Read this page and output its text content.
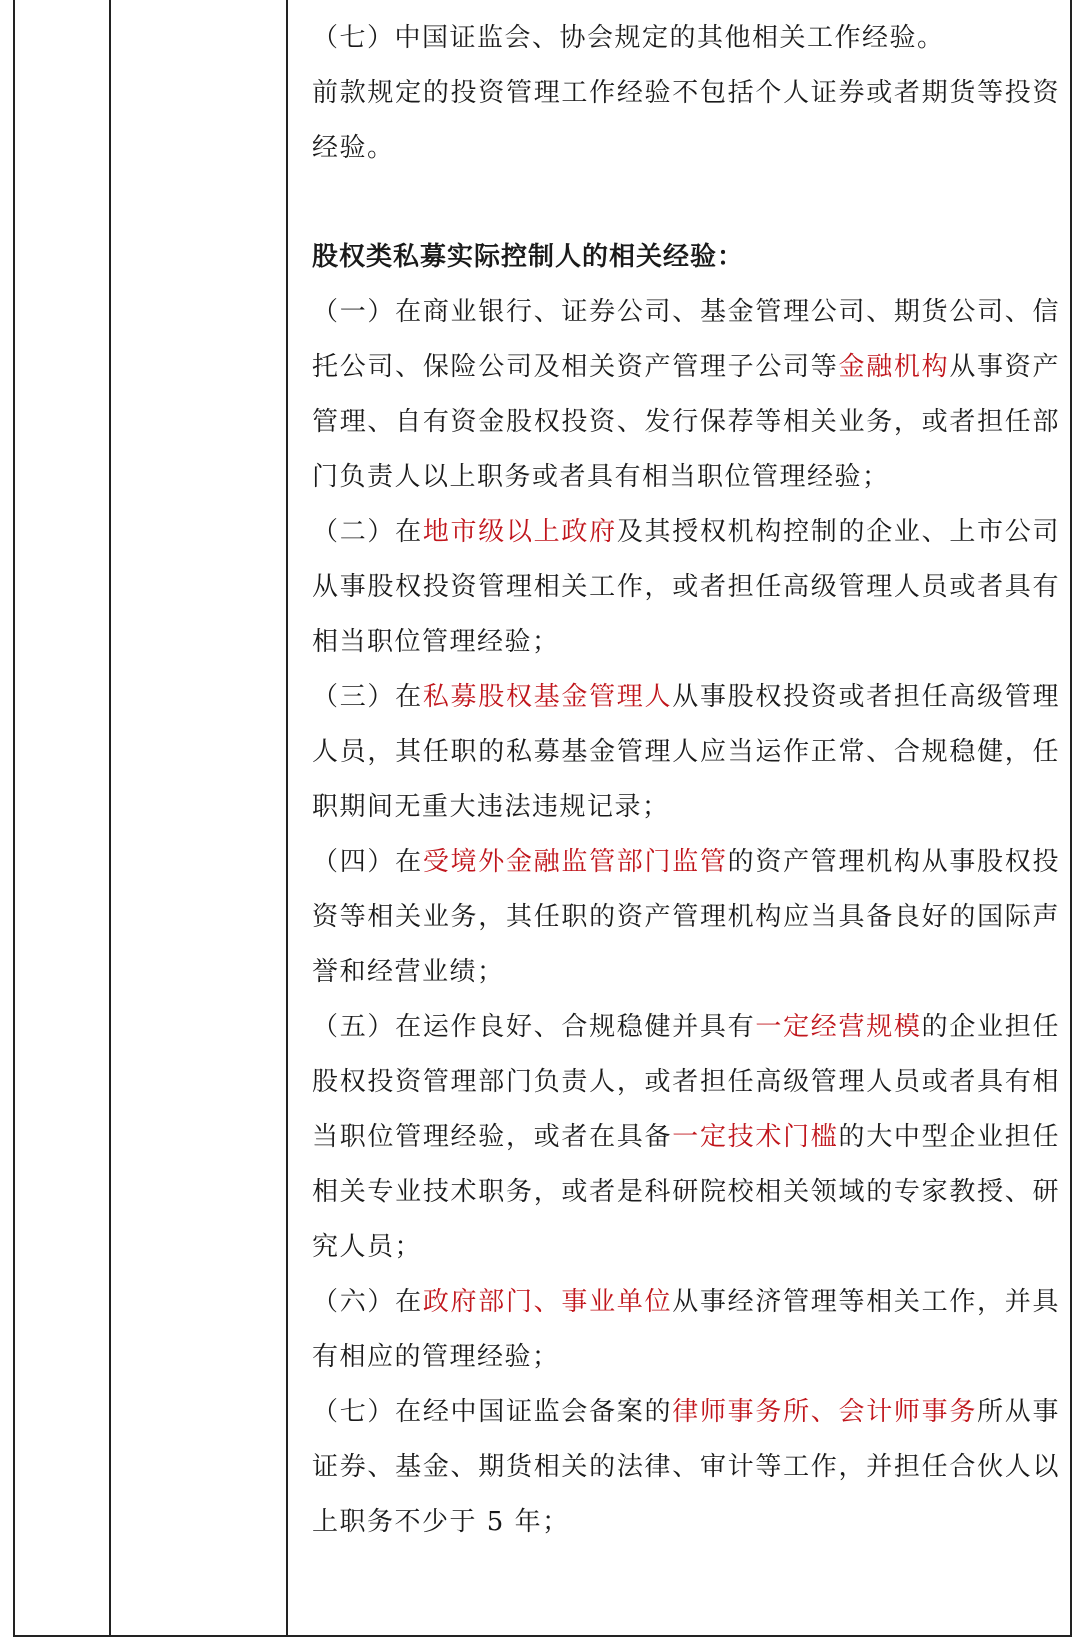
（七）中国证监会、协会规定的其他相关工作经验。

前款规定的投资管理工作经验不包括个人证券或者期货等投资经验。

股权类私募实际控制人的相关经验：

（一）在商业银行、证券公司、基金管理公司、期货公司、信托公司、保险公司及相关资产管理子公司等金融机构从事资产管理、自有资金股权投资、发行保荐等相关业务，或者担任部门负责人以上职务或者具有相当职位管理经验；

（二）在地市级以上政府及其授权机构控制的企业、上市公司从事股权投资管理相关工作，或者担任高级管理人员或者具有相当职位管理经验；

（三）在私募股权基金管理人从事股权投资或者担任高级管理人员，其任职的私募基金管理人应当运作正常、合规稳健，任职期间无重大违法违规记录；

（四）在受境外金融监管部门监管的资产管理机构从事股权投资等相关业务，其任职的资产管理机构应当具备良好的国际声誉和经营业绩；

（五）在运作良好、合规稳健并具有一定经营规模的企业担任股权投资管理部门负责人，或者担任高级管理人员或者具有相当职位管理经验，或者在具备一定技术门槛的大中型企业担任相关专业技术职务，或者是科研院校相关领域的专家教授、研究人员；

（六）在政府部门、事业单位从事经济管理等相关工作，并具有相应的管理经验；

（七）在经中国证监会备案的律师事务所、会计师事务所从事证券、基金、期货相关的法律、审计等工作，并担任合伙人以上职务不少于 5 年；
